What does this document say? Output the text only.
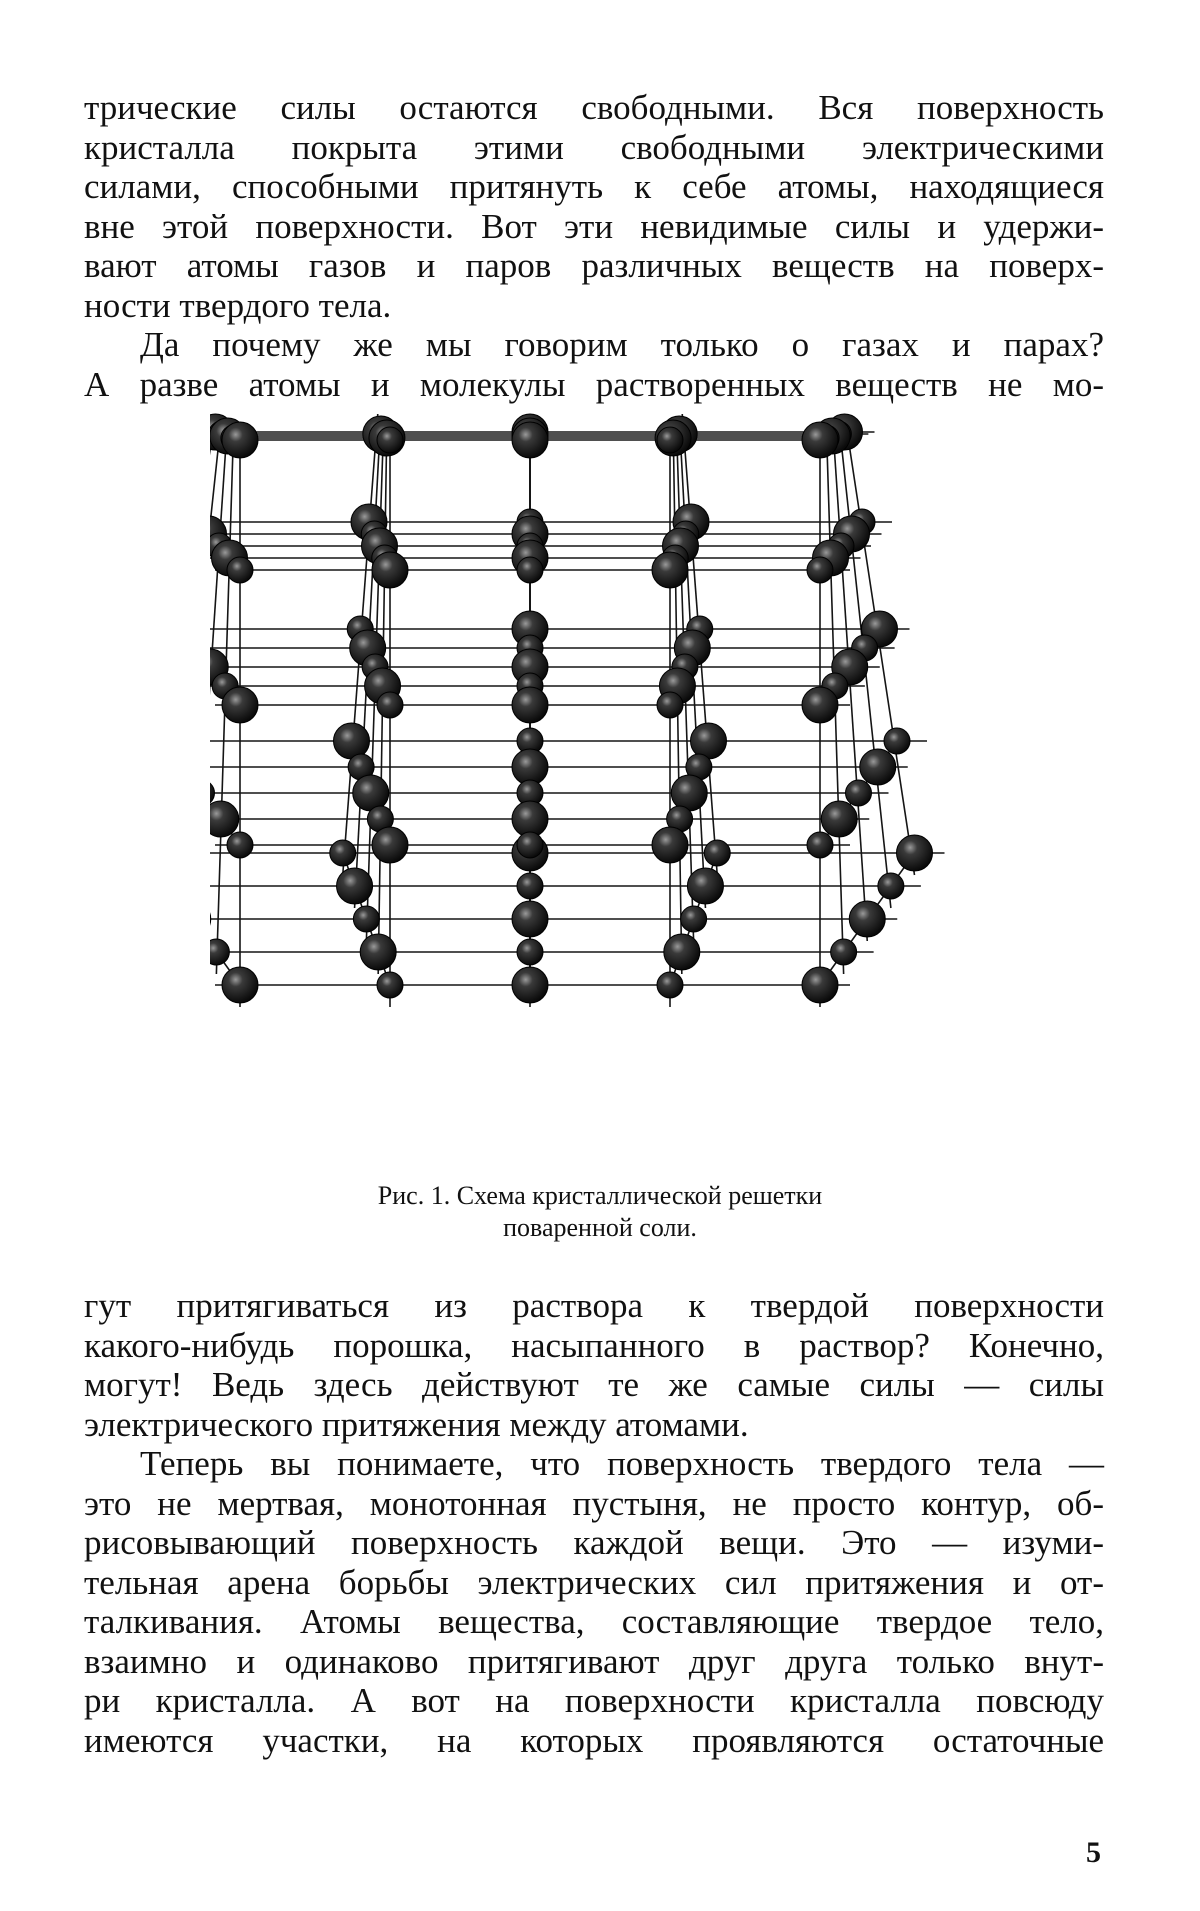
трические силы остаются свободными. Вся поверхность

кристалла покрыта этими свободными электрическими

силами, способными притянуть к себе атомы, находящиеся

вне этой поверхности. Вот эти невидимые силы и удержи-

вают атомы газов и паров различных веществ на поверх-

ности твердого тела.

Да почему же мы говорим только о газах и парах?

А разве атомы и молекулы растворенных веществ не мо-

Рис. 1. Схема кристаллической решетки
поваренной соли.

гут притягиваться из раствора к твердой поверхности

какого-нибудь порошка, насыпанного в раствор? Конечно,

могут! Ведь здесь действуют те же самые силы — силы

электрического притяжения между атомами.

Теперь вы понимаете, что поверхность твердого тела —

это не мертвая, монотонная пустыня, не просто контур, об-

рисовывающий поверхность каждой вещи. Это — изуми-

тельная арена борьбы электрических сил притяжения и от-

талкивания. Атомы вещества, составляющие твердое тело,

взаимно и одинаково притягивают друг друга только внут-

ри кристалла. А вот на поверхности кристалла повсюду

имеются участки, на которых проявляются остаточные

5
